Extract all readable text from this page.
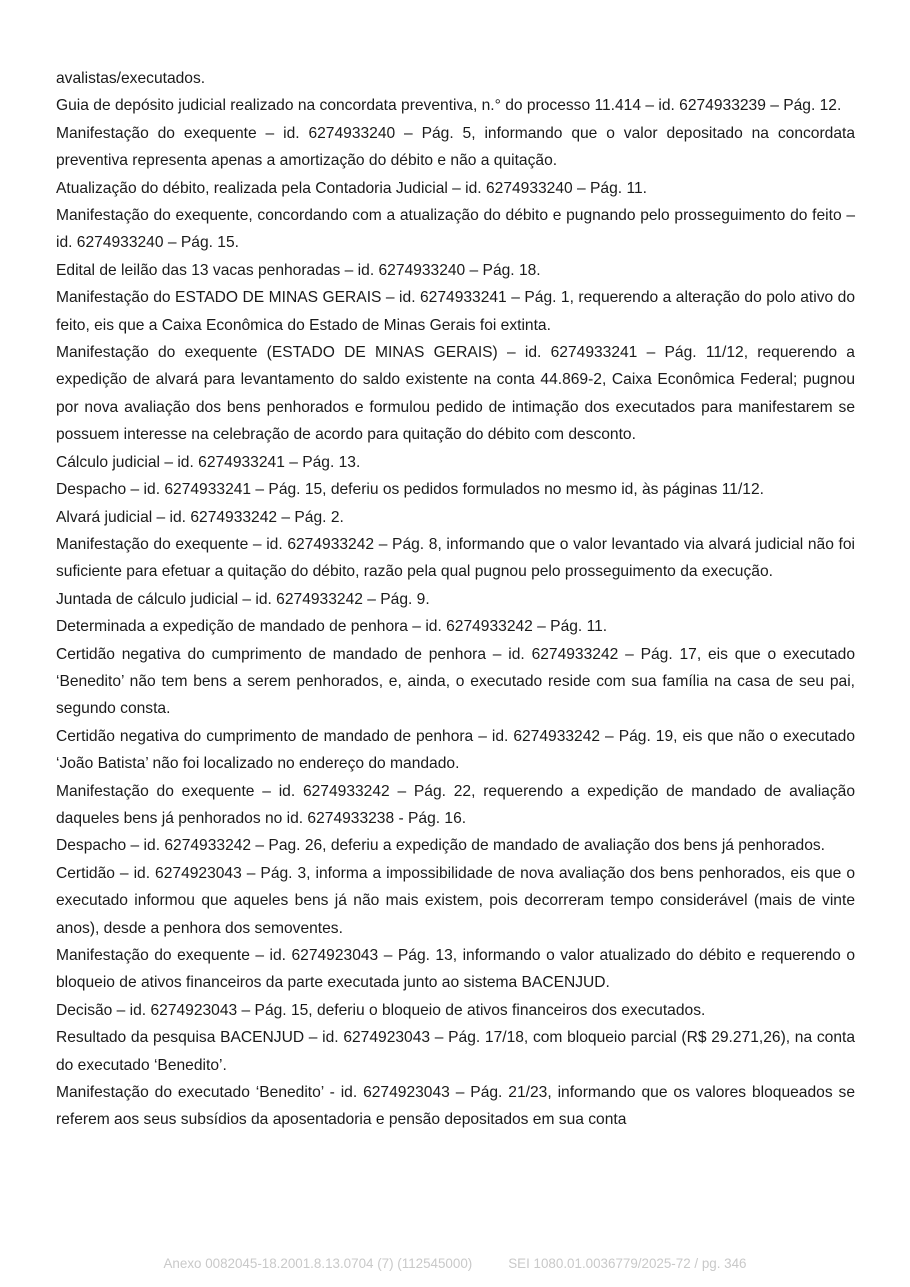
avalistas/executados.

Guia de depósito judicial realizado na concordata preventiva, n.° do processo 11.414 – id. 6274933239 – Pág. 12.

Manifestação do exequente – id. 6274933240 – Pág. 5, informando que o valor depositado na concordata preventiva representa apenas a amortização do débito e não a quitação.

Atualização do débito, realizada pela Contadoria Judicial – id. 6274933240 – Pág. 11.

Manifestação do exequente, concordando com a atualização do débito e pugnando pelo prosseguimento do feito – id. 6274933240 – Pág. 15.

Edital de leilão das 13 vacas penhoradas – id. 6274933240 – Pág. 18.

Manifestação do ESTADO DE MINAS GERAIS – id. 6274933241 – Pág. 1, requerendo a alteração do polo ativo do feito, eis que a Caixa Econômica do Estado de Minas Gerais foi extinta.

Manifestação do exequente (ESTADO DE MINAS GERAIS) – id. 6274933241 – Pág. 11/12, requerendo a expedição de alvará para levantamento do saldo existente na conta 44.869-2, Caixa Econômica Federal; pugnou por nova avaliação dos bens penhorados e formulou pedido de intimação dos executados para manifestarem se possuem interesse na celebração de acordo para quitação do débito com desconto.

Cálculo judicial – id. 6274933241 – Pág. 13.

Despacho – id. 6274933241 – Pág. 15, deferiu os pedidos formulados no mesmo id, às páginas 11/12.

Alvará judicial – id. 6274933242 – Pág. 2.

Manifestação do exequente – id. 6274933242 – Pág. 8, informando que o valor levantado via alvará judicial não foi suficiente para efetuar a quitação do débito, razão pela qual pugnou pelo prosseguimento da execução.

Juntada de cálculo judicial – id. 6274933242 – Pág. 9.

Determinada a expedição de mandado de penhora – id. 6274933242 – Pág. 11.

Certidão negativa do cumprimento de mandado de penhora – id. 6274933242 – Pág. 17, eis que o executado ‘Benedito’ não tem bens a serem penhorados, e, ainda, o executado reside com sua família na casa de seu pai, segundo consta.

Certidão negativa do cumprimento de mandado de penhora – id. 6274933242 – Pág. 19, eis que não o executado ‘João Batista’ não foi localizado no endereço do mandado.

Manifestação do exequente – id. 6274933242 – Pág. 22, requerendo a expedição de mandado de avaliação daqueles bens já penhorados no id. 6274933238 - Pág. 16.

Despacho – id. 6274933242 – Pag. 26, deferiu a expedição de mandado de avaliação dos bens já penhorados.

Certidão – id. 6274923043 – Pág. 3, informa a impossibilidade de nova avaliação dos bens penhorados, eis que o executado informou que aqueles bens já não mais existem, pois decorreram tempo considerável (mais de vinte anos), desde a penhora dos semoventes.

Manifestação do exequente – id. 6274923043 – Pág. 13, informando o valor atualizado do débito e requerendo o bloqueio de ativos financeiros da parte executada junto ao sistema BACENJUD.

Decisão – id. 6274923043 – Pág. 15, deferiu o bloqueio de ativos financeiros dos executados.

Resultado da pesquisa BACENJUD – id. 6274923043 – Pág. 17/18, com bloqueio parcial (R$ 29.271,26), na conta do executado ‘Benedito’.

Manifestação do executado ‘Benedito’ - id. 6274923043 – Pág. 21/23, informando que os valores bloqueados se referem aos seus subsídios da aposentadoria e pensão depositados em sua conta

Anexo 0082045-18.2001.8.13.0704 (7) (112545000)	SEI 1080.01.0036779/2025-72 / pg. 346
